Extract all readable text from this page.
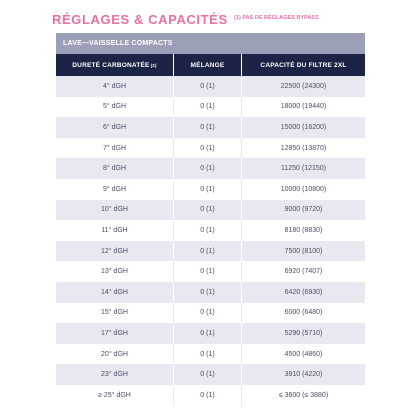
RÉGLAGES & CAPACITÉS $^{(1) PAS DE RÉGLAGES BYPASS}$
LAVE—VAISSELLE COMPACTS
DURETÉ CARBONATÉE (2)	MÉLANGE	CAPACITÉ DU FILTRE 2XL
4° dGH	0 (1)	22500 (24300)
5° dGH	0 (1)	18000 (19440)
6° dGH	0 (1)	15000 (16200)
7° dGH	0 (1)	12850 (13870)
8° dGH	0 (1)	11250 (12150)
9° dGH	0 (1)	10000 (10800)
10° dGH	0 (1)	9000 (9720)
11° dGH	0 (1)	8180 (8830)
12° dGH	0 (1)	7500 (8100)
13° dGH	0 (1)	6920 (7407)
14° dGH	0 (1)	6420 (6930)
15° dGH	0 (1)	6000 (6480)
17° dGH	0 (1)	5290 (5710)
20° dGH	0 (1)	4500 (4860)
23° dGH	0 (1)	3910 (4220)
≥ 25° dGH	0 (1)	≤ 3600 (≤ 3880)
